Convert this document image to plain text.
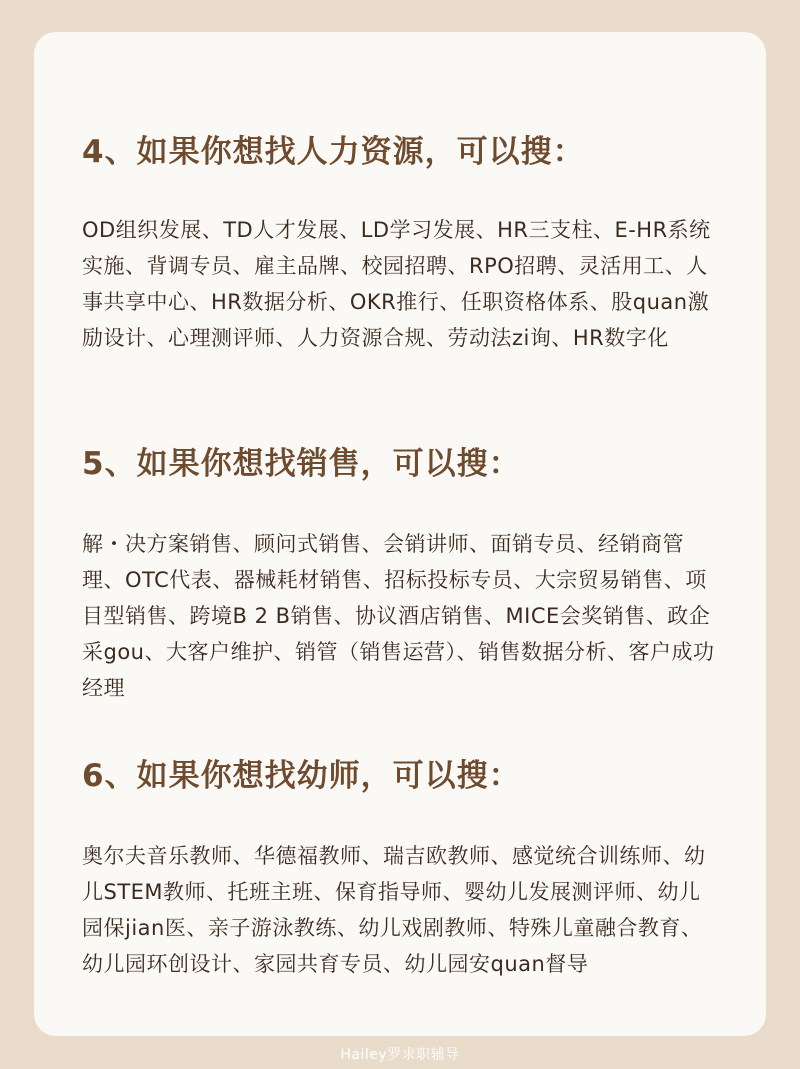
4、如果你想找人力资源，可以搜：

OD组织发展、TD人才发展、LD学习发展、HR三支柱、E-HR系统实施、背调专员、雇主品牌、校园招聘、RPO招聘、灵活用工、人事共享中心、HR数据分析、OKR推行、任职资格体系、股quan激励设计、心理测评师、人力资源合规、劳动法zi询、HR数字化

5、如果你想找销售，可以搜：

解・决方案销售、顾问式销售、会销讲师、面销专员、经销商管理、OTC代表、器械耗材销售、招标投标专员、大宗贸易销售、项目型销售、跨境B 2 B销售、协议酒店销售、MICE会奖销售、政企采gou、大客户维护、销管（销售运营）、销售数据分析、客户成功经理

6、如果你想找幼师，可以搜：

奥尔夫音乐教师、华德福教师、瑞吉欧教师、感觉统合训练师、幼儿STEM教师、托班主班、保育指导师、婴幼儿发展测评师、幼儿园保jian医、亲子游泳教练、幼儿戏剧教师、特殊儿童融合教育、幼儿园环创设计、家园共育专员、幼儿园安quan督导

Hailey罗求职辅导
